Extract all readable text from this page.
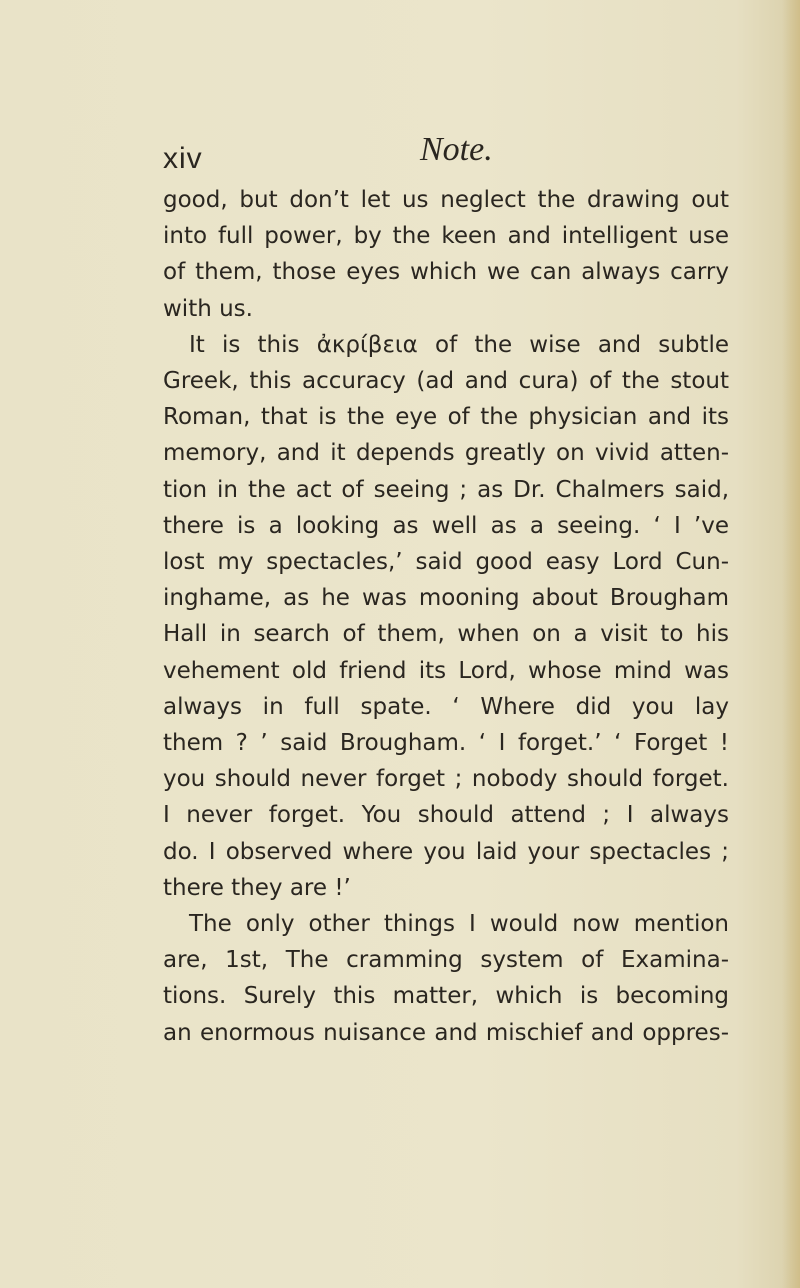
xiv	Note.
good, but don’t let us neglect the drawing out
into full power, by the keen and intelligent use
of them, those eyes which we can always carry
with us.
It is this ἀκρίβεια of the wise and subtle
Greek, this accuracy (ad and cura) of the stout
Roman, that is the eye of the physician and its
memory, and it depends greatly on vivid atten-
tion in the act of seeing ; as Dr. Chalmers said,
there is a looking as well as a seeing. ‘ I ’ve
lost my spectacles,’ said good easy Lord Cun-
inghame, as he was mooning about Brougham
Hall in search of them, when on a visit to his
vehement old friend its Lord, whose mind was
always in full spate. ‘ Where did you lay
them ? ’ said Brougham. ‘ I forget.’ ‘ Forget !
you should never forget ; nobody should forget.
I never forget. You should attend ; I always
do. I observed where you laid your spectacles ;
there they are !’
The only other things I would now mention
are, 1st, The cramming system of Examina-
tions. Surely this matter, which is becoming
an enormous nuisance and mischief and oppres-
